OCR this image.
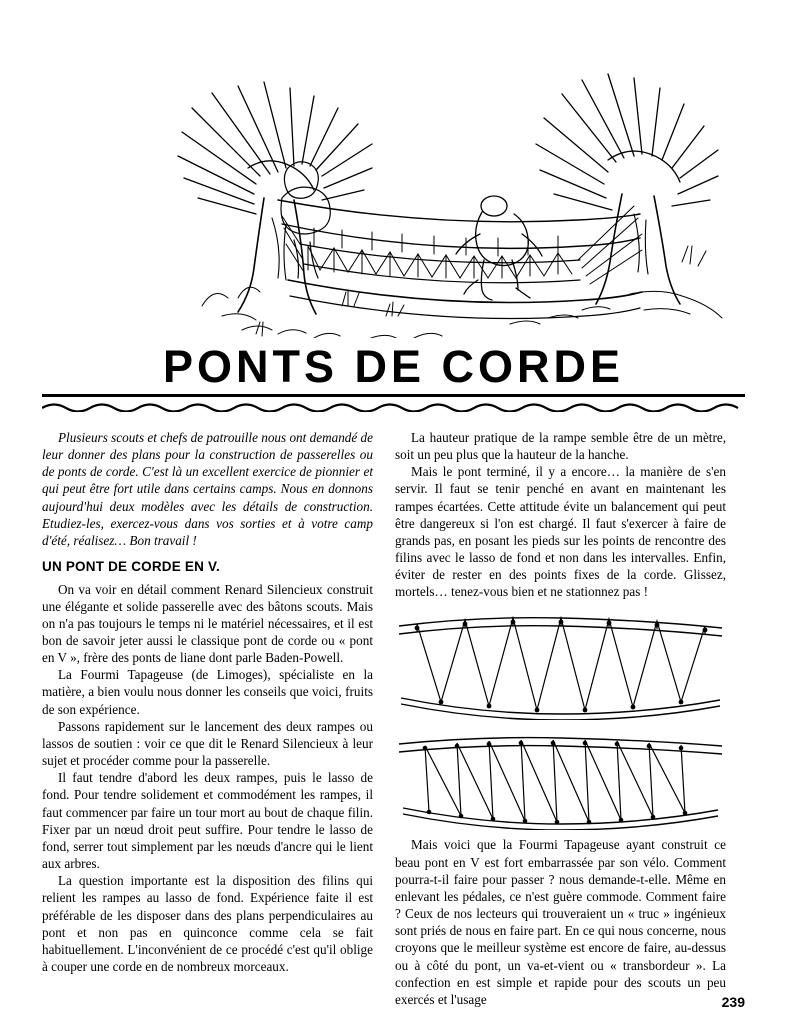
PONTS DE CORDE

Plusieurs scouts et chefs de patrouille nous ont demandé de leur donner des plans pour la construction de passerelles ou de ponts de corde. C'est là un excellent exercice de pionnier et qui peut être fort utile dans certains camps. Nous en donnons aujourd'hui deux modèles avec les détails de construction. Etudiez-les, exercez-vous dans vos sorties et à votre camp d'été, réalisez… Bon travail !

UN PONT DE CORDE EN V.

On va voir en détail comment Renard Silencieux construit une élégante et solide passerelle avec des bâtons scouts. Mais on n'a pas toujours le temps ni le matériel nécessaires, et il est bon de savoir jeter aussi le classique pont de corde ou « pont en V », frère des ponts de liane dont parle Baden-Powell.

La Fourmi Tapageuse (de Limoges), spécialiste en la matière, a bien voulu nous donner les conseils que voici, fruits de son expérience.

Passons rapidement sur le lancement des deux rampes ou lassos de soutien : voir ce que dit le Renard Silencieux à leur sujet et procéder comme pour la passerelle.

Il faut tendre d'abord les deux rampes, puis le lasso de fond. Pour tendre solidement et commodément les rampes, il faut commencer par faire un tour mort au bout de chaque filin. Fixer par un nœud droit peut suffire. Pour tendre le lasso de fond, serrer tout simplement par les nœuds d'ancre qui le lient aux arbres.

La question importante est la disposition des filins qui relient les rampes au lasso de fond. Expérience faite il est préférable de les disposer dans des plans perpendiculaires au pont et non pas en quinconce comme cela se fait habituellement. L'inconvénient de ce procédé c'est qu'il oblige à couper une corde en de nombreux morceaux.

La hauteur pratique de la rampe semble être de un mètre, soit un peu plus que la hauteur de la hanche.

Mais le pont terminé, il y a encore… la manière de s'en servir. Il faut se tenir penché en avant en maintenant les rampes écartées. Cette attitude évite un balancement qui peut être dangereux si l'on est chargé. Il faut s'exercer à faire de grands pas, en posant les pieds sur les points de rencontre des filins avec le lasso de fond et non dans les intervalles. Enfin, éviter de rester en des points fixes de la corde. Glissez, mortels… tenez-vous bien et ne stationnez pas !

Mais voici que la Fourmi Tapageuse ayant construit ce beau pont en V est fort embarrassée par son vélo. Comment pourra-t-il faire pour passer ? nous demande-t-elle. Même en enlevant les pédales, ce n'est guère commode. Comment faire ? Ceux de nos lecteurs qui trouveraient un « truc » ingénieux sont priés de nous en faire part. En ce qui nous concerne, nous croyons que le meilleur système est encore de faire, au-dessus ou à côté du pont, un va-et-vient ou « transbordeur ». La confection en est simple et rapide pour des scouts un peu exercés et l'usage	239
